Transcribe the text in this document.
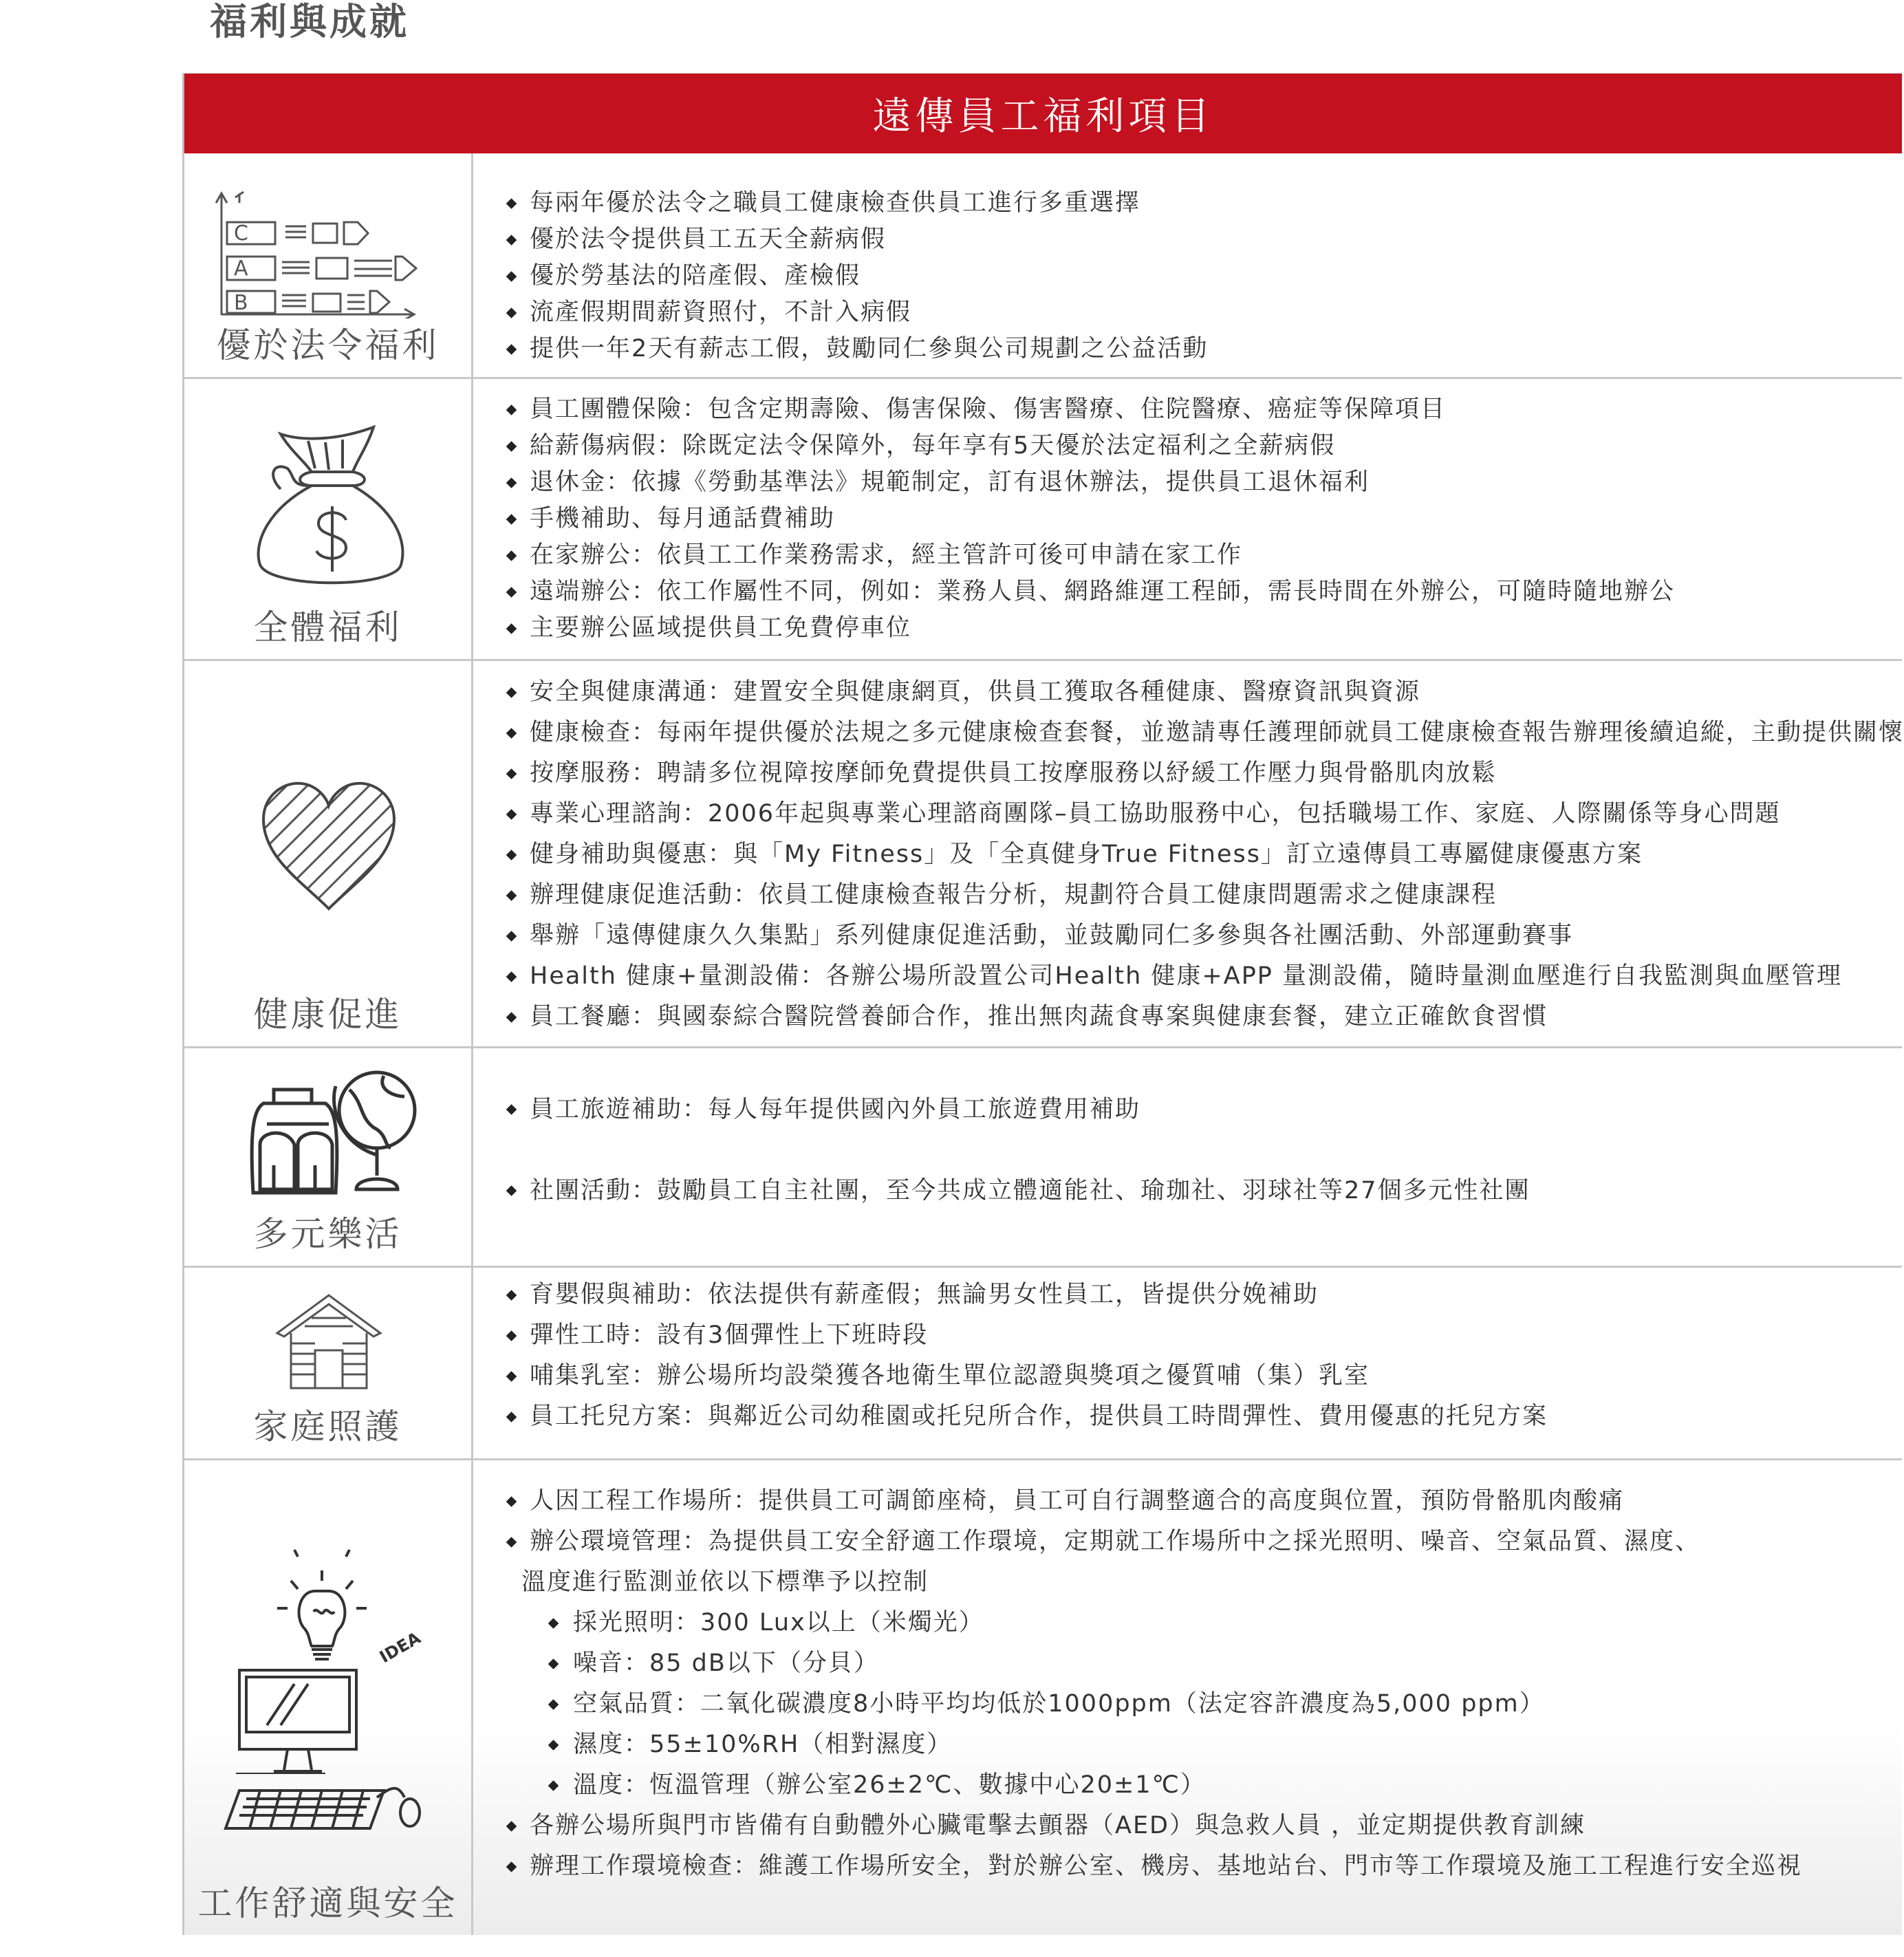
福利與成就
遠傳員工福利項目
C
A
B
優於法令福利
每兩年優於法令之職員工健康檢查供員工進行多重選擇
優於法令提供員工五天全薪病假
優於勞基法的陪產假、產檢假
流產假期間薪資照付，不計入病假
提供一年2天有薪志工假，鼓勵同仁參與公司規劃之公益活動
全體福利
員工團體保險：包含定期壽險、傷害保險、傷害醫療、住院醫療、癌症等保障項目
給薪傷病假：除既定法令保障外，每年享有5天優於法定福利之全薪病假
退休金：依據《勞動基準法》規範制定，訂有退休辦法，提供員工退休福利
手機補助、每月通話費補助
在家辦公：依員工工作業務需求，經主管許可後可申請在家工作
遠端辦公：依工作屬性不同，例如：業務人員、網路維運工程師，需長時間在外辦公，可隨時隨地辦公
主要辦公區域提供員工免費停車位
健康促進
安全與健康溝通：建置安全與健康網頁，供員工獲取各種健康、醫療資訊與資源
健康檢查：每兩年提供優於法規之多元健康檢查套餐，並邀請專任護理師就員工健康檢查報告辦理後續追縱，主動提供關懷
按摩服務：聘請多位視障按摩師免費提供員工按摩服務以紓緩工作壓力與骨骼肌肉放鬆
專業心理諮詢：2006年起與專業心理諮商團隊–員工協助服務中心，包括職場工作、家庭、人際關係等身心問題
健身補助與優惠：與「My Fitness」及「全真健身True Fitness」訂立遠傳員工專屬健康優惠方案
辦理健康促進活動：依員工健康檢查報告分析，規劃符合員工健康問題需求之健康課程
舉辦「遠傳健康久久集點」系列健康促進活動，並鼓勵同仁多參與各社團活動、外部運動賽事
Health 健康+量測設備：各辦公場所設置公司Health 健康+APP 量測設備，隨時量測血壓進行自我監測與血壓管理
員工餐廳：與國泰綜合醫院營養師合作，推出無肉蔬食專案與健康套餐，建立正確飲食習慣
多元樂活
員工旅遊補助：每人每年提供國內外員工旅遊費用補助
社團活動：鼓勵員工自主社團，至今共成立體適能社、瑜珈社、羽球社等27個多元性社團
家庭照護
育嬰假與補助：依法提供有薪產假；無論男女性員工，皆提供分娩補助
彈性工時：設有3個彈性上下班時段
哺集乳室：辦公場所均設榮獲各地衛生單位認證與獎項之優質哺（集）乳室
員工托兒方案：與鄰近公司幼稚園或托兒所合作，提供員工時間彈性、費用優惠的托兒方案
IDEA
工作舒適與安全
人因工程工作場所：提供員工可調節座椅，員工可自行調整適合的高度與位置，預防骨骼肌肉酸痛
辦公環境管理：為提供員工安全舒適工作環境，定期就工作場所中之採光照明、噪音、空氣品質、濕度、
溫度進行監測並依以下標準予以控制
採光照明：300 Lux以上（米燭光）
噪音：85 dB以下（分貝）
空氣品質：二氧化碳濃度8小時平均均低於1000ppm（法定容許濃度為5,000 ppm）
濕度：55±10%RH（相對濕度）
溫度：恆溫管理（辦公室26±2℃、數據中心20±1℃）
各辦公場所與門市皆備有自動體外心臟電擊去顫器（AED）與急救人員 ，並定期提供教育訓練
辦理工作環境檢查：維護工作場所安全，對於辦公室、機房、基地站台、門市等工作環境及施工工程進行安全巡視
